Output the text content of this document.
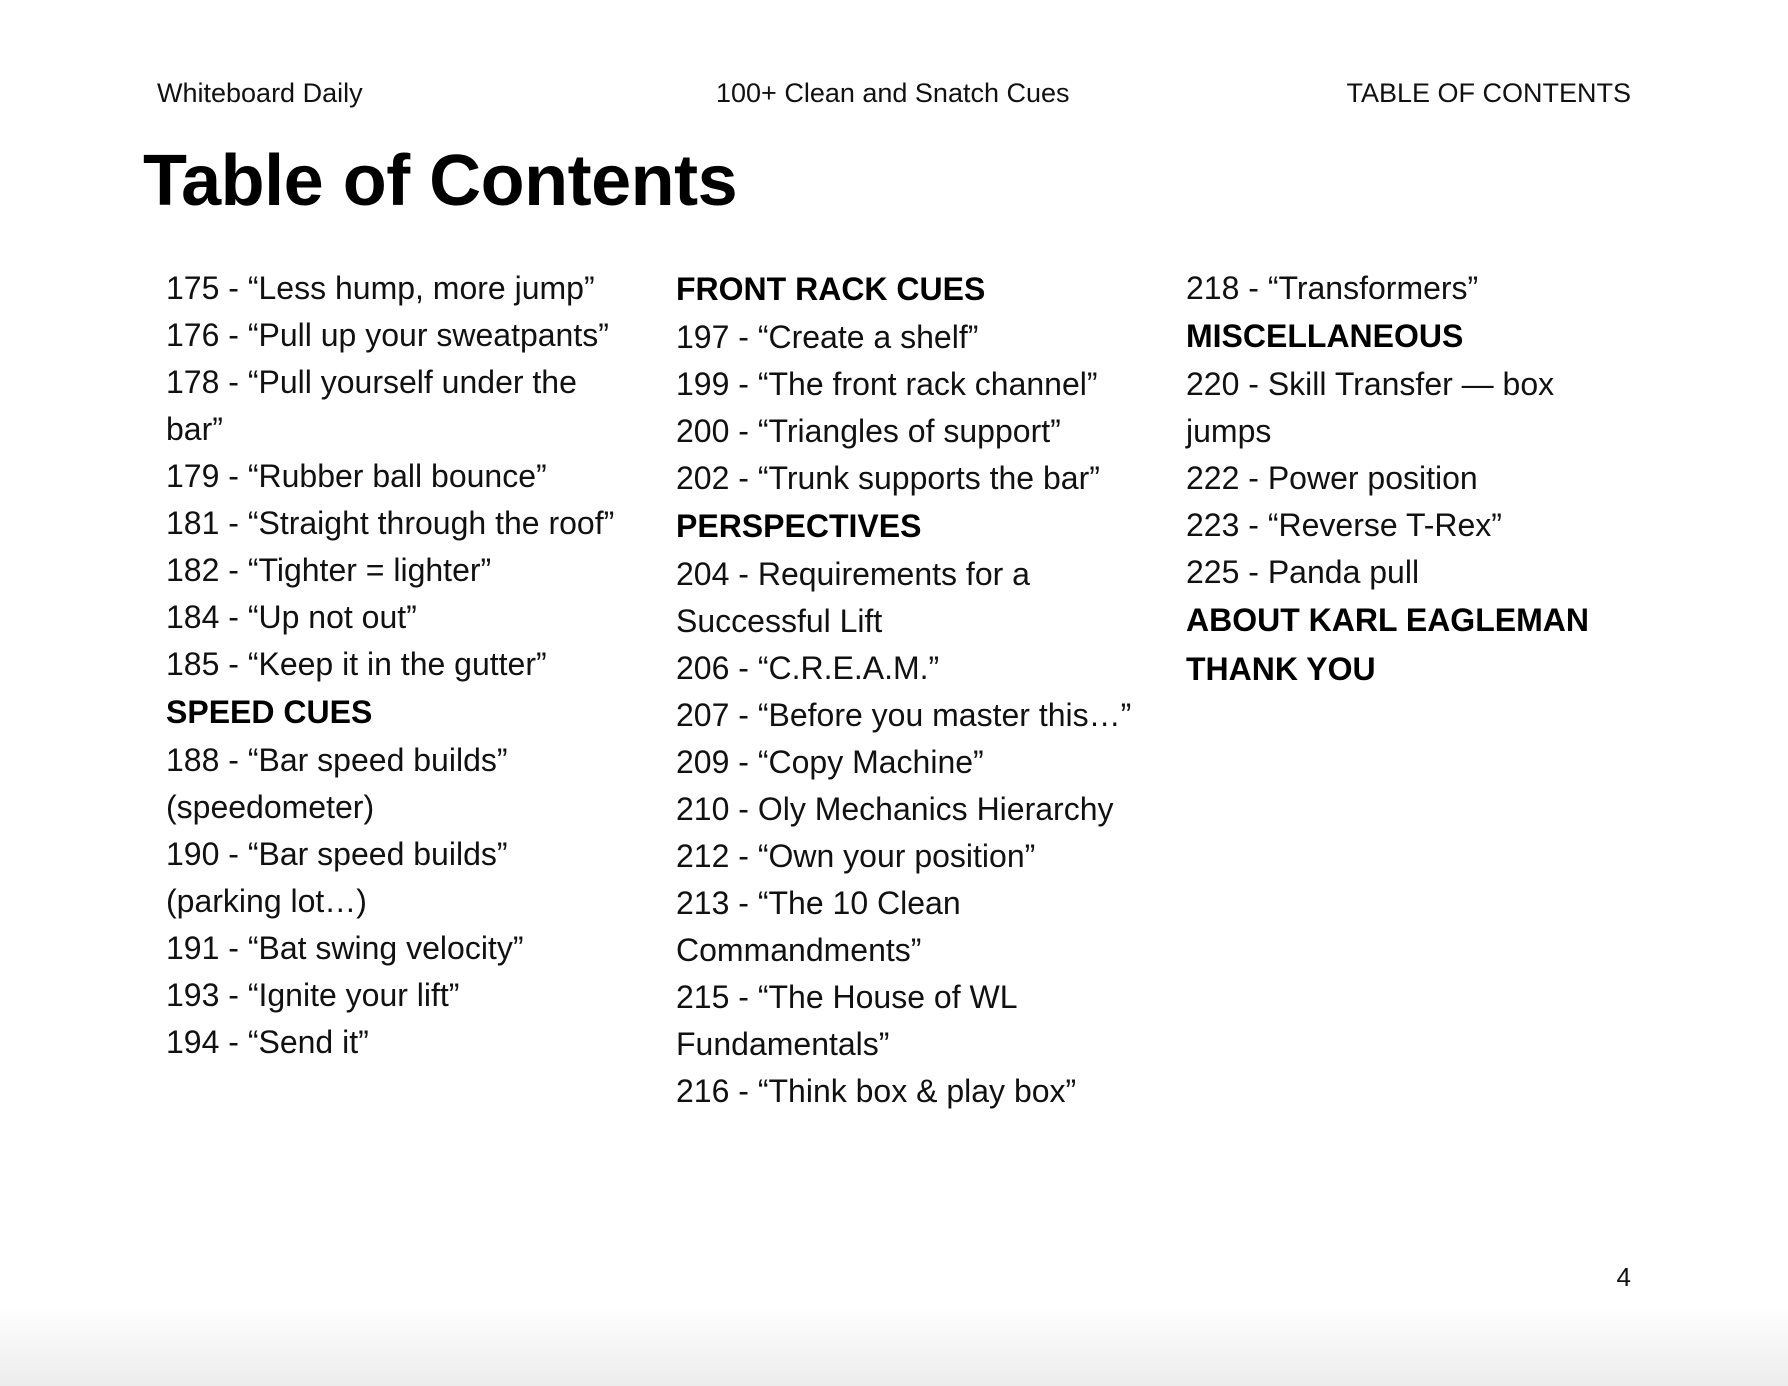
Whiteboard Daily	100+ Clean and Snatch Cues	TABLE OF CONTENTS
Table of Contents
175 - “Less hump, more jump”
176 - “Pull up your sweatpants”
178 - “Pull yourself under the bar”
179 - “Rubber ball bounce”
181 - “Straight through the roof”
182 - “Tighter = lighter”
184 - “Up not out”
185 - “Keep it in the gutter”
SPEED CUES
188 - “Bar speed builds” (speedometer)
190 - “Bar speed builds” (parking lot…)
191 - “Bat swing velocity”
193 - “Ignite your lift”
194 - “Send it”
FRONT RACK CUES
197 - “Create a shelf”
199 - “The front rack channel”
200 - “Triangles of support”
202 - “Trunk supports the bar”
PERSPECTIVES
204 - Requirements for a Successful Lift
206 - “C.R.E.A.M.”
207 - “Before you master this…”
209 - “Copy Machine”
210 - Oly Mechanics Hierarchy
212 - “Own your position”
213 - “The 10 Clean Commandments”
215 - “The House of WL Fundamentals”
216 - “Think box & play box”
218 - “Transformers”
MISCELLANEOUS
220 - Skill Transfer — box jumps
222 - Power position
223 - “Reverse T-Rex”
225 - Panda pull
ABOUT KARL EAGLEMAN
THANK YOU
4
